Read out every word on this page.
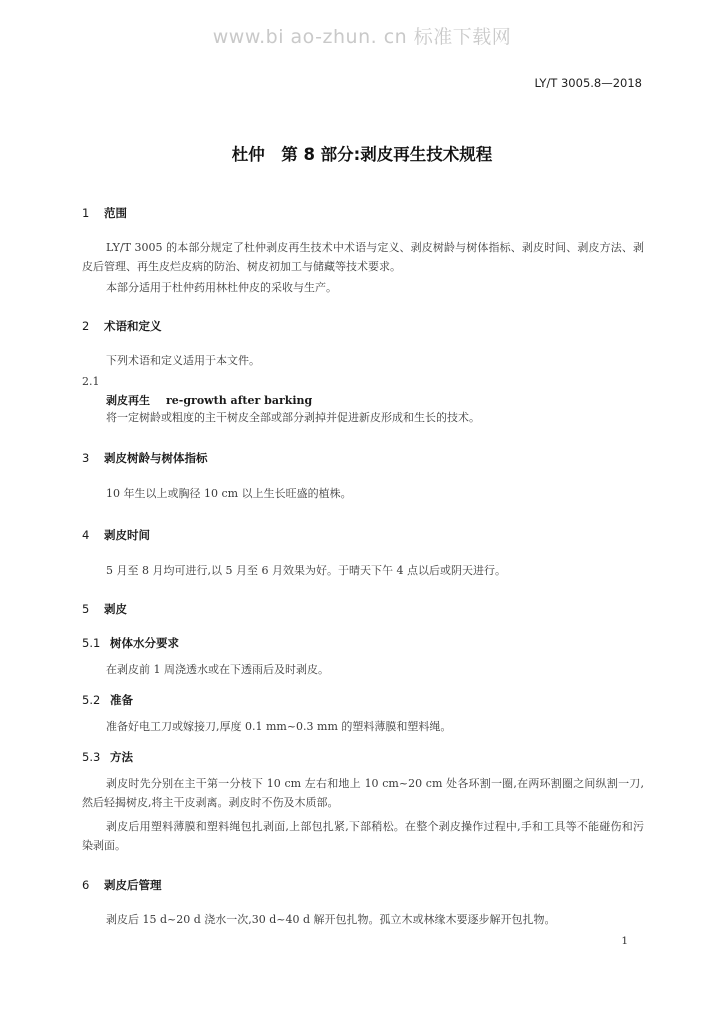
www.bi ao-zhun. cn 标准下载网
LY/T 3005.8—2018
杜仲　第 8 部分:剥皮再生技术规程
1 范围
LY/T 3005 的本部分规定了杜仲剥皮再生技术中术语与定义、剥皮树龄与树体指标、剥皮时间、剥皮方法、剥皮后管理、再生皮烂皮病的防治、树皮初加工与储藏等技术要求。
本部分适用于杜仲药用林杜仲皮的采收与生产。
2 术语和定义
下列术语和定义适用于本文件。
2.1
剥皮再生 re-growth after barking
将一定树龄或粗度的主干树皮全部或部分剥掉并促进新皮形成和生长的技术。
3 剥皮树龄与树体指标
10 年生以上或胸径 10 cm 以上生长旺盛的植株。
4 剥皮时间
5 月至 8 月均可进行,以 5 月至 6 月效果为好。于晴天下午 4 点以后或阴天进行。
5 剥皮
5.1 树体水分要求
在剥皮前 1 周浇透水或在下透雨后及时剥皮。
5.2 准备
准备好电工刀或嫁接刀,厚度 0.1 mm~0.3 mm 的塑料薄膜和塑料绳。
5.3 方法
剥皮时先分别在主干第一分枝下 10 cm 左右和地上 10 cm~20 cm 处各环割一圈,在两环割圈之间纵割一刀,然后轻揭树皮,将主干皮剥离。剥皮时不伤及木质部。
剥皮后用塑料薄膜和塑料绳包扎剥面,上部包扎紧,下部稍松。在整个剥皮操作过程中,手和工具等不能碰伤和污染剥面。
6 剥皮后管理
剥皮后 15 d~20 d 浇水一次,30 d~40 d 解开包扎物。孤立木或林缘木要逐步解开包扎物。
1
